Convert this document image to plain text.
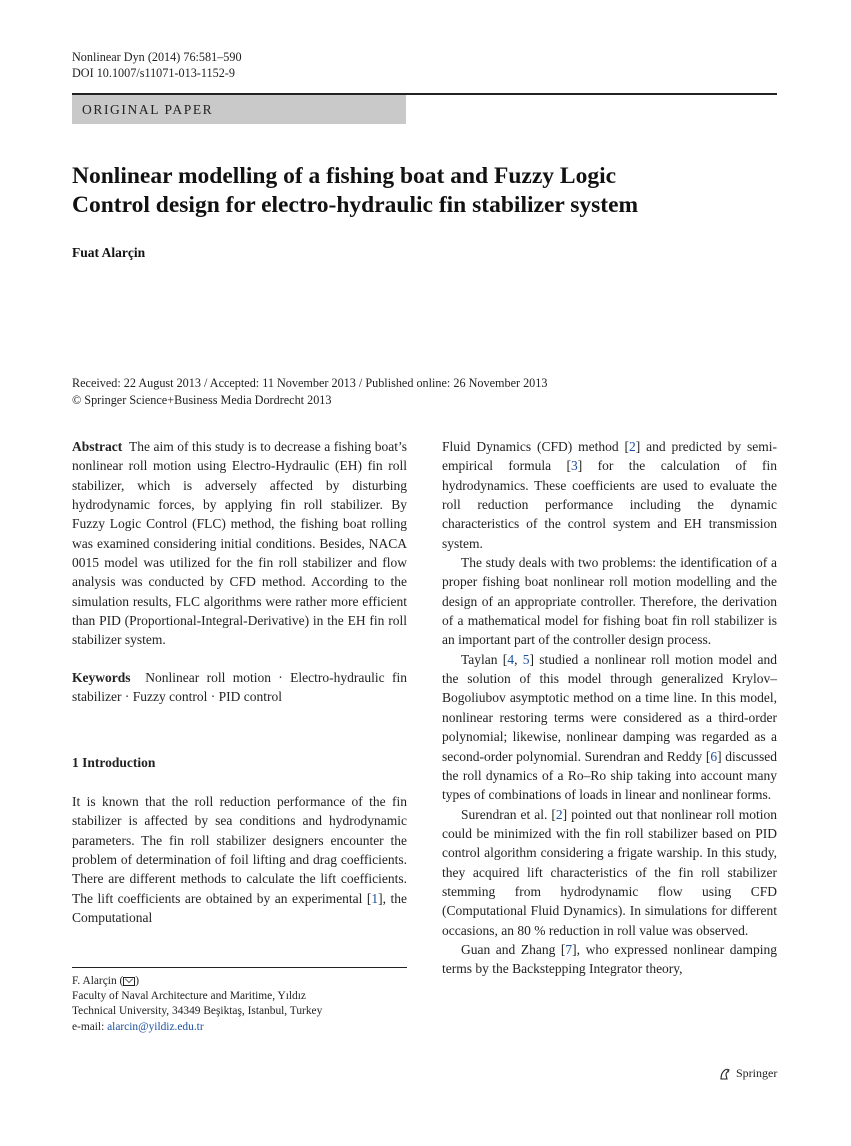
Nonlinear Dyn (2014) 76:581–590
DOI 10.1007/s11071-013-1152-9
ORIGINAL PAPER
Nonlinear modelling of a fishing boat and Fuzzy Logic
Control design for electro-hydraulic fin stabilizer system
Fuat Alarçin
Received: 22 August 2013 / Accepted: 11 November 2013 / Published online: 26 November 2013
© Springer Science+Business Media Dordrecht 2013

Abstract The aim of this study is to decrease a fishing boat’s nonlinear roll motion using Electro-Hydraulic (EH) fin roll stabilizer, which is adversely affected by disturbing hydrodynamic forces, by applying fin roll stabilizer. By Fuzzy Logic Control (FLC) method, the fishing boat rolling was examined considering initial conditions. Besides, NACA 0015 model was utilized for the fin roll stabilizer and flow analysis was conducted by CFD method. According to the simulation results, FLC algorithms were rather more efficient than PID (Proportional-Integral-Derivative) in the EH fin roll stabilizer system.

Keywords Nonlinear roll motion · Electro-hydraulic fin stabilizer · Fuzzy control · PID control

1 Introduction

It is known that the roll reduction performance of the fin stabilizer is affected by sea conditions and hydrodynamic parameters. The fin roll stabilizer designers encounter the problem of determination of foil lifting and drag coefficients. There are different methods to calculate the lift coefficients. The lift coefficients are obtained by an experimental [1], the Computational

Fluid Dynamics (CFD) method [2] and predicted by semi-empirical formula [3] for the calculation of fin hydrodynamics. These coefficients are used to evaluate the roll reduction performance including the dynamic characteristics of the control system and EH transmission system.

The study deals with two problems: the identification of a proper fishing boat nonlinear roll motion modelling and the design of an appropriate controller. Therefore, the derivation of a mathematical model for fishing boat fin roll stabilizer is an important part of the controller design process.

Taylan [4, 5] studied a nonlinear roll motion model and the solution of this model through generalized Krylov–Bogoliubov asymptotic method on a time line. In this model, nonlinear restoring terms were considered as a third-order polynomial; likewise, nonlinear damping was regarded as a second-order polynomial. Surendran and Reddy [6] discussed the roll dynamics of a Ro–Ro ship taking into account many types of combinations of loads in linear and nonlinear forms.

Surendran et al. [2] pointed out that nonlinear roll motion could be minimized with the fin roll stabilizer based on PID control algorithm considering a frigate warship. In this study, they acquired lift characteristics of the fin roll stabilizer stemming from hydrodynamic flow using CFD (Computational Fluid Dynamics). In simulations for different occasions, an 80 % reduction in roll value was observed.

Guan and Zhang [7], who expressed nonlinear damping terms by the Backstepping Integrator theory,

F. Alarçin ( )
Faculty of Naval Architecture and Maritime, Yıldız
Technical University, 34349 Beşiktaş, Istanbul, Turkey
e-mail: alarcin@yildiz.edu.tr
Springer
